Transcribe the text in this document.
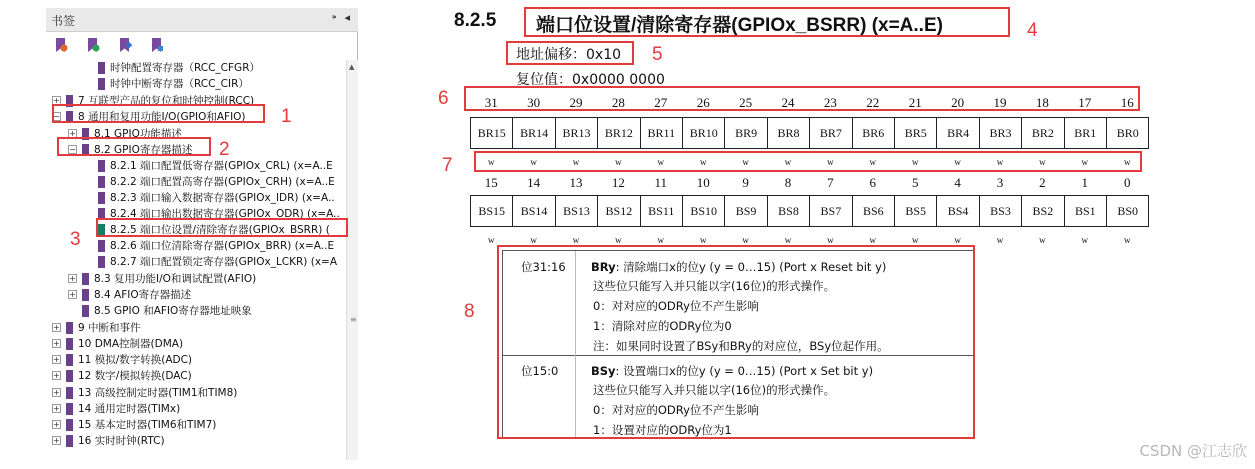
书签	⁍ ◂
时钟配置寄存器（RCC_CFGR）
时钟中断寄存器（RCC_CIR）
+ 7 互联型产品的复位和时钟控制(RCC)
− 8 通用和复用功能I/O(GPIO和AFIO)
+ 8.1 GPIO功能描述
− 8.2 GPIO寄存器描述
8.2.1 端口配置低寄存器(GPIOx_CRL) (x=A..E
8.2.2 端口配置高寄存器(GPIOx_CRH) (x=A..E
8.2.3 端口输入数据寄存器(GPIOx_IDR) (x=A..
8.2.4 端口输出数据寄存器(GPIOx_ODR) (x=A..
8.2.5 端口位设置/清除寄存器(GPIOx_BSRR) (
8.2.6 端口位清除寄存器(GPIOx_BRR) (x=A..E
8.2.7 端口配置锁定寄存器(GPIOx_LCKR) (x=A
+ 8.3 复用功能I/O和调试配置(AFIO)
+ 8.4 AFIO寄存器描述
8.5 GPIO 和AFIO寄存器地址映象
+ 9 中断和事件
+ 10 DMA控制器(DMA)
+ 11 模拟/数字转换(ADC)
+ 12 数字/模拟转换(DAC)
+ 13 高级控制定时器(TIM1和TIM8)
+ 14 通用定时器(TIMx)
+ 15 基本定时器(TIM6和TIM7)
+ 16 实时时钟(RTC)
▲
≡
8.2.5 端口位设置/清除寄存器(GPIOx_BSRR) (x=A..E)
地址偏移：0x10
复位值：0x0000 0000
31
BR15
w
30
BR14
w
29
BR13
w
28
BR12
w
27
BR11
w
26
BR10
w
25
BR9
w
24
BR8
w
23
BR7
w
22
BR6
w
21
BR5
w
20
BR4
w
19
BR3
w
18
BR2
w
17
BR1
w
16
BR0
w
15
BS15
w
14
BS14
w
13
BS13
w
12
BS12
w
11
BS11
w
10
BS10
w
9
BS9
w
8
BS8
w
7
BS7
w
6
BS6
w
5
BS5
w
4
BS4
w
3
BS3
w
2
BS2
w
1
BS1
w
0
BS0
w
位31:16 BRy: 清除端口x的位y (y = 0…15) (Port x Reset bit y)
这些位只能写入并只能以字(16位)的形式操作。
0：对对应的ODRy位不产生影响
1：清除对应的ODRy位为0
注：如果同时设置了BSy和BRy的对应位，BSy位起作用。
位15:0	BSy: 设置端口x的位y (y = 0…15) (Port x Set bit y)
这些位只能写入并只能以字(16位)的形式操作。
0：对对应的ODRy位不产生影响
1：设置对应的ODRy位为1
4
5
6
7
8
CSDN @江志欣
1
2
3
